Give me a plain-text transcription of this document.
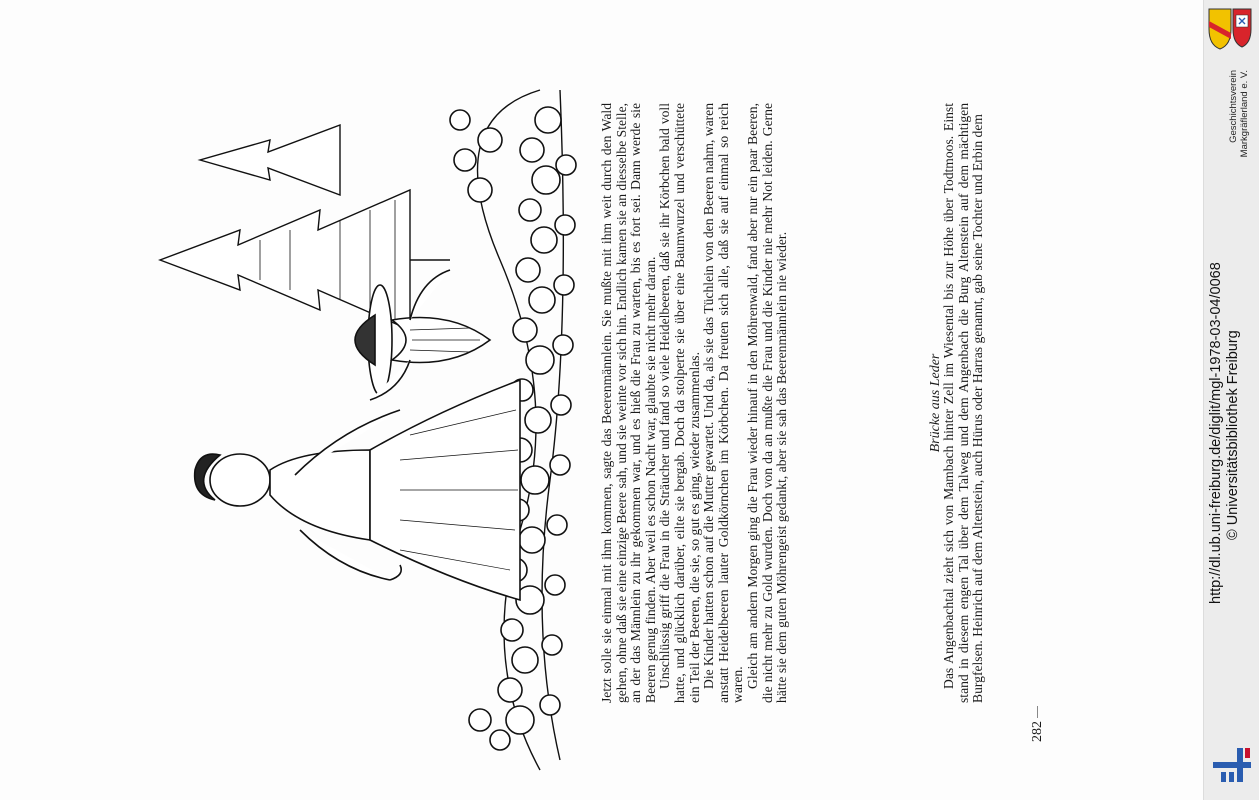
Jetzt solle sie einmal mit ihm kommen, sagte das Beerenmännlein. Sie mußte mit ihm weit durch den Wald gehen, ohne daß sie eine einzige Beere sah, und sie weinte vor sich hin. Endlich kamen sie an diesselbe Stelle, an der das Männlein zu ihr gekommen war, und es hieß die Frau zu warten, bis es fort sei. Dann werde sie Beeren genug finden. Aber weil es schon Nacht war, glaubte sie nicht mehr daran. Unschlüssig griff die Frau in die Sträucher und fand so viele Heidelbeeren, daß sie ihr Körbchen bald voll hatte, und glücklich darüber, eilte sie bergab. Doch da stolperte sie über eine Baumwurzel und verschüttete ein Teil der Beeren, die sie, so gut es ging, wieder zusammenlas. Die Kinder hatten schon auf die Mutter gewartet. Und da, als sie das Tüchlein von den Beeren nahm, waren anstatt Heidelbeeren lauter Goldkörnchen im Körbchen. Da freuten sich alle, daß sie auf einmal so reich waren. Gleich am andern Morgen ging die Frau wieder hinauf in den Möhrenwald, fand aber nur ein paar Beeren, die nicht mehr zu Gold wurden. Doch von da an mußte die Frau und die Kinder nie mehr Not leiden. Gerne hätte sie dem guten Möhrengeist gedankt, aber sie sah das Beerenmännlein nie wieder.	Brücke aus Leder

Das Angenbachtal zieht sich von Mambach hinter Zell im Wiesental bis zur Höhe über Todtmoos. Einst stand in diesem engen Tal über dem Talweg und dem Angenbach die Burg Altenstein auf dem mächtigen Burgfelsen. Heinrich auf dem Altenstein, auch Hürus oder Harras genannt, gab seine Tochter und Erbin dem

282
Geschichtsverein Markgräflerland e. V.
http://dl.ub.uni-freiburg.de/diglit/mgl-1978-03-04/0068 © Universitätsbibliothek Freiburg
